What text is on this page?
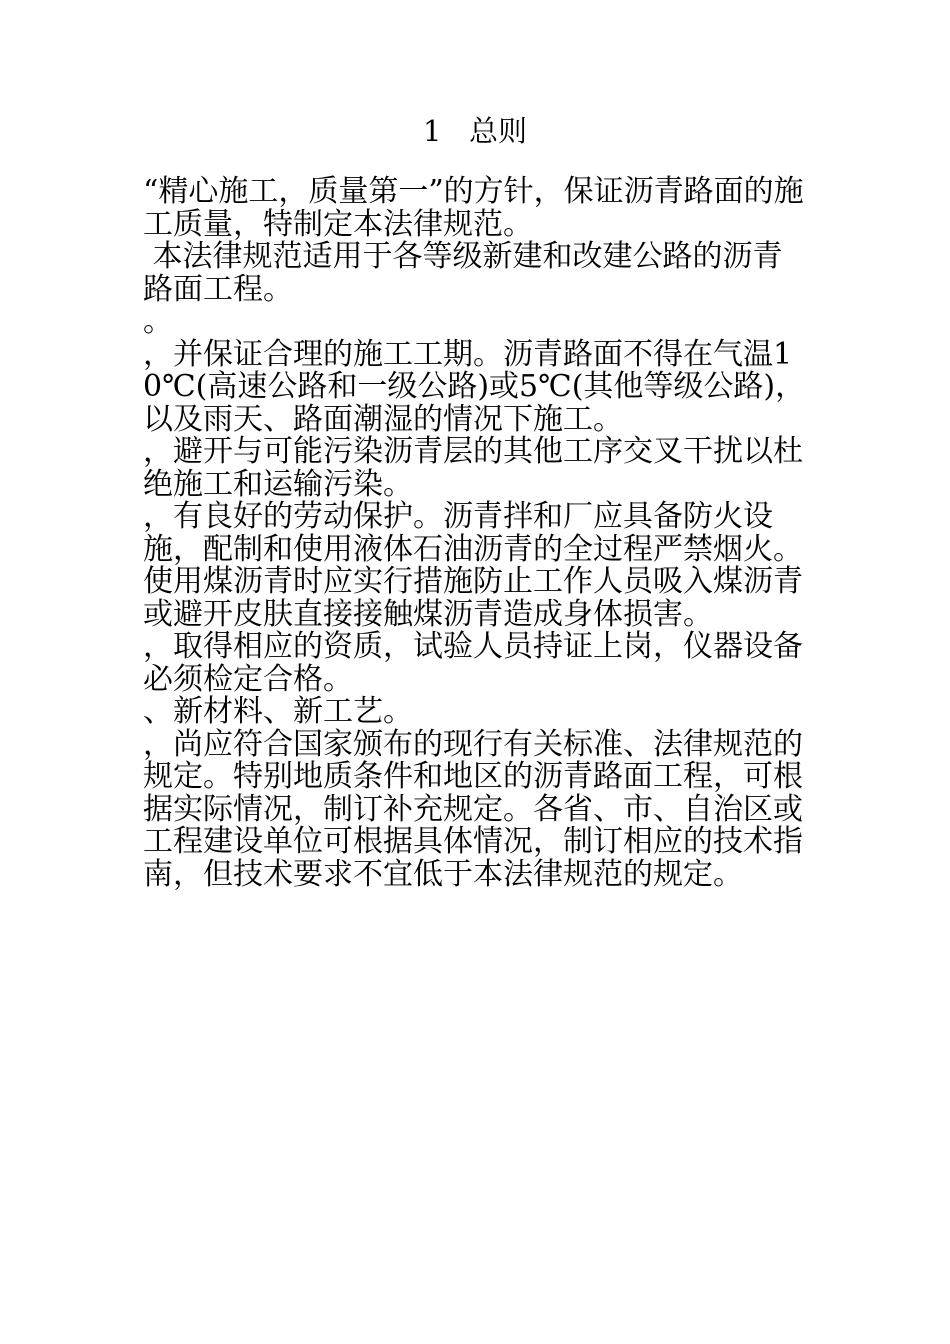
1   总则

“精心施工，质量第一”的方针，保证沥青路面的施工质量，特制定本法律规范。

本法律规范适用于各等级新建和改建公路的沥青路面工程。

。

，并保证合理的施工工期。沥青路面不得在气温10℃(高速公路和一级公路)或5℃(其他等级公路)，以及雨天、路面潮湿的情况下施工。

，避开与可能污染沥青层的其他工序交叉干扰以杜绝施工和运输污染。

，有良好的劳动保护。沥青拌和厂应具备防火设施，配制和使用液体石油沥青的全过程严禁烟火。使用煤沥青时应实行措施防止工作人员吸入煤沥青或避开皮肤直接接触煤沥青造成身体损害。

，取得相应的资质，试验人员持证上岗，仪器设备必须检定合格。

、新材料、新工艺。

，尚应符合国家颁布的现行有关标准、法律规范的规定。特别地质条件和地区的沥青路面工程，可根据实际情况，制订补充规定。各省、市、自治区或工程建设单位可根据具体情况，制订相应的技术指南，但技术要求不宜低于本法律规范的规定。
